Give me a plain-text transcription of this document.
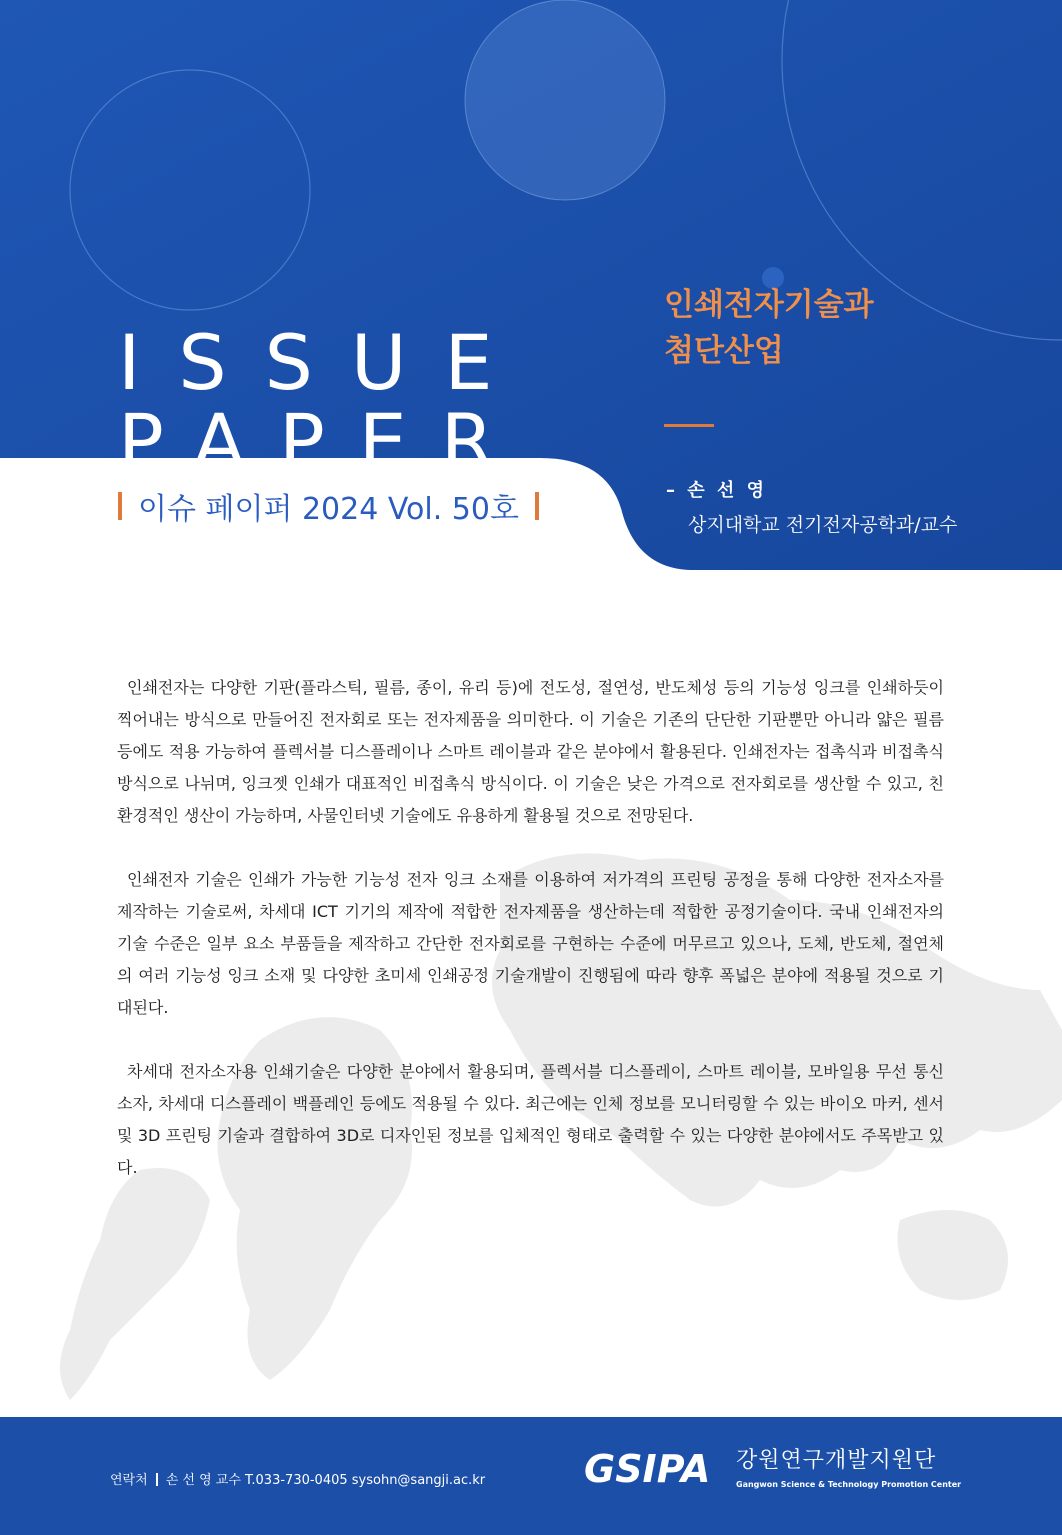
ISSUE
PAPER
이슈 페이퍼 2024 Vol. 50호
인쇄전자기술과
첨단산업
– 손 선 영
상지대학교 전기전자공학과/교수

인쇄전자는 다양한 기판(플라스틱, 필름, 종이, 유리 등)에 전도성, 절연성, 반도체성 등의 기능성 잉크를 인쇄하듯이 찍어내는 방식으로 만들어진 전자회로 또는 전자제품을 의미한다. 이 기술은 기존의 단단한 기판뿐만 아니라 얇은 필름 등에도 적용 가능하여 플렉서블 디스플레이나 스마트 레이블과 같은 분야에서 활용된다. 인쇄전자는 접촉식과 비접촉식 방식으로 나뉘며, 잉크젯 인쇄가 대표적인 비접촉식 방식이다. 이 기술은 낮은 가격으로 전자회로를 생산할 수 있고, 친환경적인 생산이 가능하며, 사물인터넷 기술에도 유용하게 활용될 것으로 전망된다.

인쇄전자 기술은 인쇄가 가능한 기능성 전자 잉크 소재를 이용하여 저가격의 프린팅 공정을 통해 다양한 전자소자를 제작하는 기술로써, 차세대 ICT 기기의 제작에 적합한 전자제품을 생산하는데 적합한 공정기술이다. 국내 인쇄전자의 기술 수준은 일부 요소 부품들을 제작하고 간단한 전자회로를 구현하는 수준에 머무르고 있으나, 도체, 반도체, 절연체의 여러 기능성 잉크 소재 및 다양한 초미세 인쇄공정 기술개발이 진행됨에 따라 향후 폭넓은 분야에 적용될 것으로 기대된다.

차세대 전자소자용 인쇄기술은 다양한 분야에서 활용되며, 플렉서블 디스플레이, 스마트 레이블, 모바일용 무선 통신소자, 차세대 디스플레이 백플레인 등에도 적용될 수 있다. 최근에는 인체 정보를 모니터링할 수 있는 바이오 마커, 센서 및 3D 프린팅 기술과 결합하여 3D로 디자인된 정보를 입체적인 형태로 출력할 수 있는 다양한 분야에서도 주목받고 있다.

연락처 손 선 영 교수 T.033-730-0405 sysohn@sangji.ac.kr	GSIPA 강원연구개발지원단
Gangwon Science & Technology Promotion Center
